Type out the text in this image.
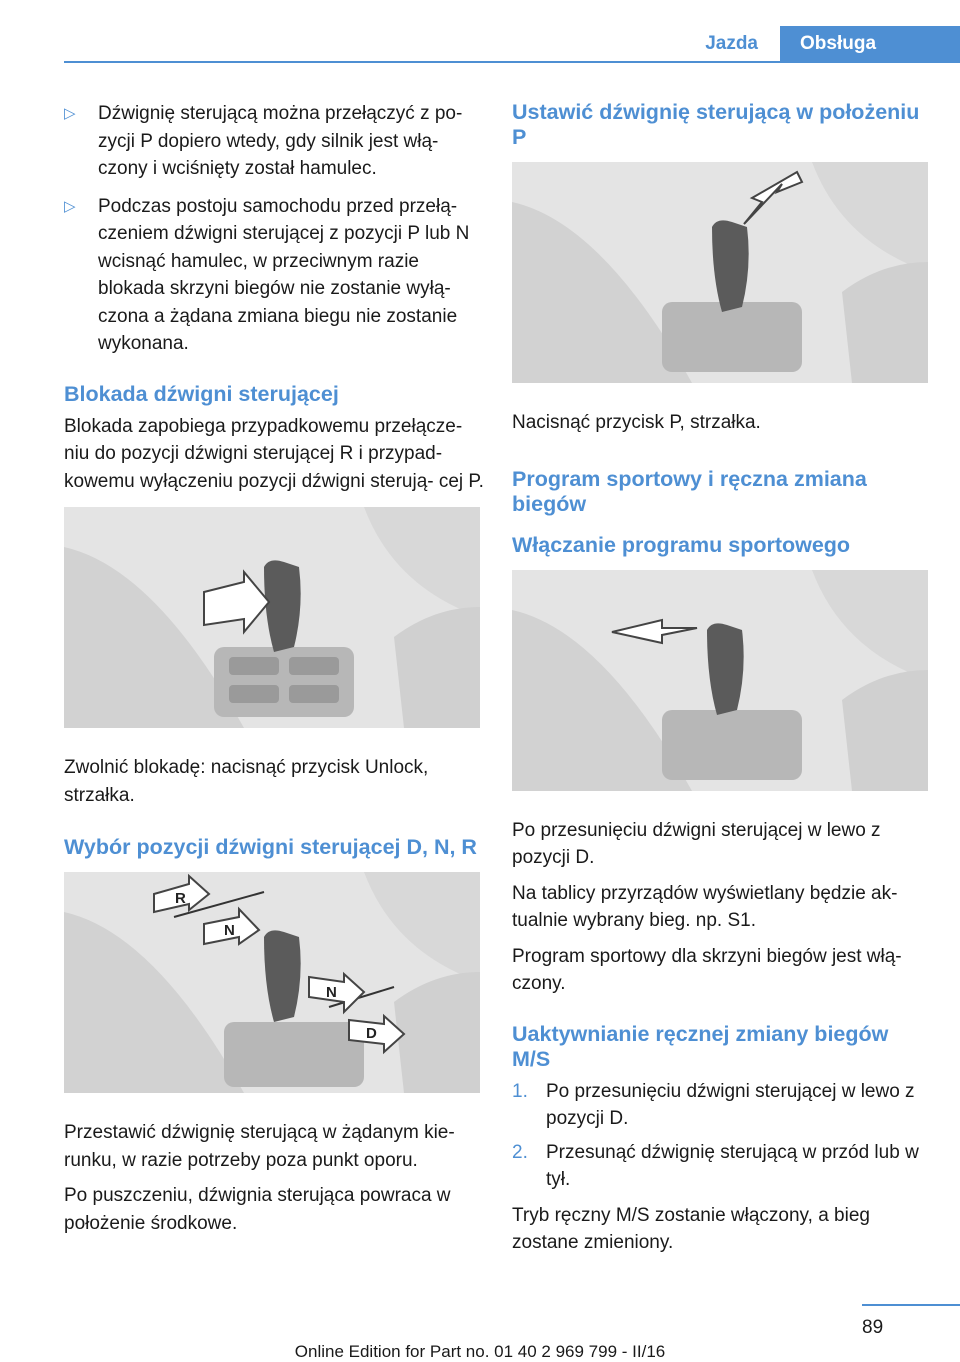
Jazda	Obsługa
▷ Dźwignię sterującą można przełączyć z po‐ zycji P dopiero wtedy, gdy silnik jest włą‐ czony i wciśnięty został hamulec.
▷ Podczas postoju samochodu przed przełą‐ czeniem dźwigni sterującej z pozycji P lub N wcisnąć hamulec, w przeciwnym razie blokada skrzyni biegów nie zostanie wyłą‐ czona a żądana zmiana biegu nie zostanie wykonana.
Blokada dźwigni sterującej

Blokada zapobiega przypadkowemu przełącze‐ niu do pozycji dźwigni sterującej R i przypad‐ kowemu wyłączeniu pozycji dźwigni sterują‐ cej P.

Zwolnić blokadę: nacisnąć przycisk Unlock, strzałka.

Wybór pozycji dźwigni sterującej D, N, R
R
N
N
D

Przestawić dźwignię sterującą w żądanym kie‐ runku, w razie potrzeby poza punkt oporu.

Po puszczeniu, dźwignia sterująca powraca w położenie środkowe.

Ustawić dźwignię sterującą w położeniu P

Nacisnąć przycisk P, strzałka.

Program sportowy i ręczna zmiana biegów
Włączanie programu sportowego

Po przesunięciu dźwigni sterującej w lewo z pozycji D.

Na tablicy przyrządów wyświetlany będzie ak‐ tualnie wybrany bieg. np. S1.

Program sportowy dla skrzyni biegów jest włą‐ czony.

Uaktywnianie ręcznej zmiany biegów M/S
1. Po przesunięciu dźwigni sterującej w lewo z pozycji D.
2. Przesunąć dźwignię sterującą w przód lub w tył.

Tryb ręczny M/S zostanie włączony, a bieg zostane zmieniony.

89
Online Edition for Part no. 01 40 2 969 799 - II/16
